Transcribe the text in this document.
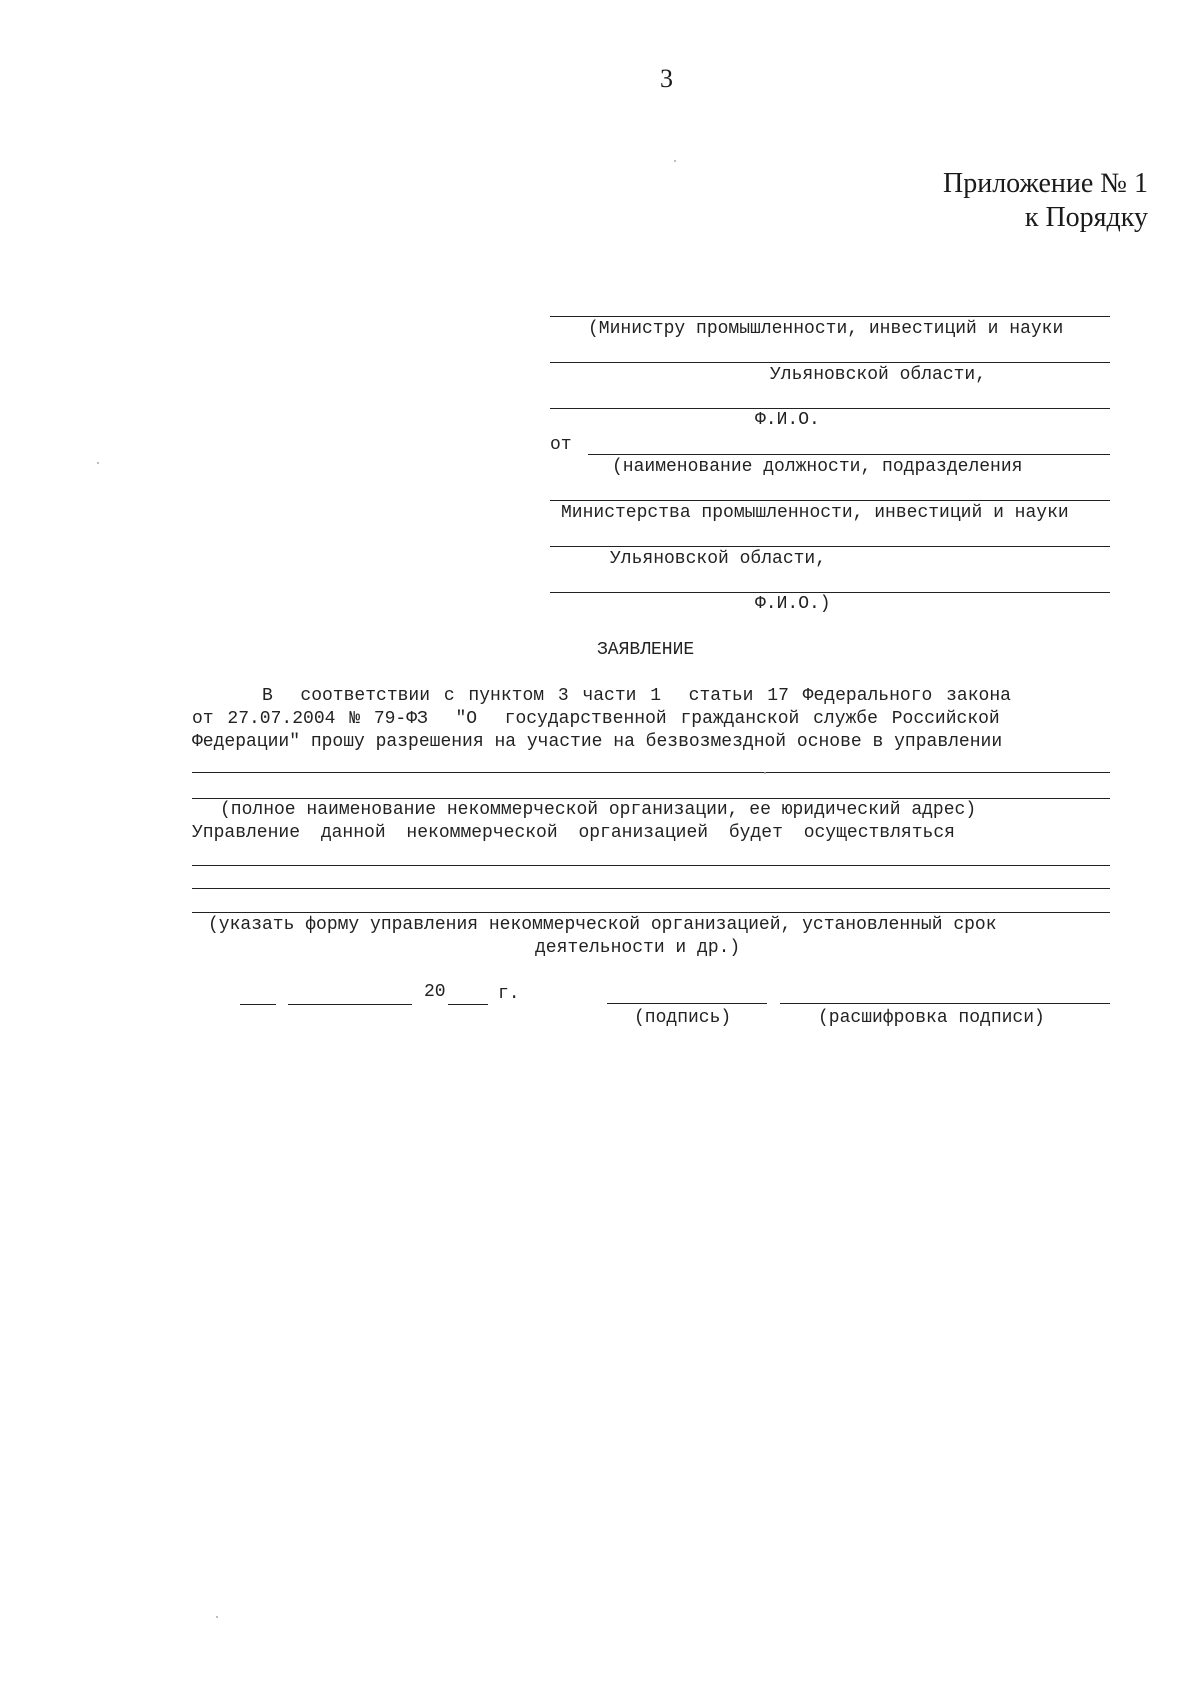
3
Приложение № 1
к Порядку
(Министру промышленности, инвестиций и науки
Ульяновской области,
Ф.И.О.
от
(наименование должности, подразделения
Министерства промышленности, инвестиций и науки
Ульяновской области,
Ф.И.О.)
ЗАЯВЛЕНИЕ
В  соответствии с пунктом 3 части 1  статьи 17 Федерального закона
от 27.07.2004 № 79-ФЗ  "О  государственной гражданской службе Российской
Федерации" прошу разрешения на участие на безвозмездной основе в управлении
(полное наименование некоммерческой организации, ее юридический адрес)
Управление данной некоммерческой организацией будет осуществляться
(указать форму управления некоммерческой организацией, установленный срок
деятельности и др.)
20	г.
(подпись)	(расшифровка подписи)
